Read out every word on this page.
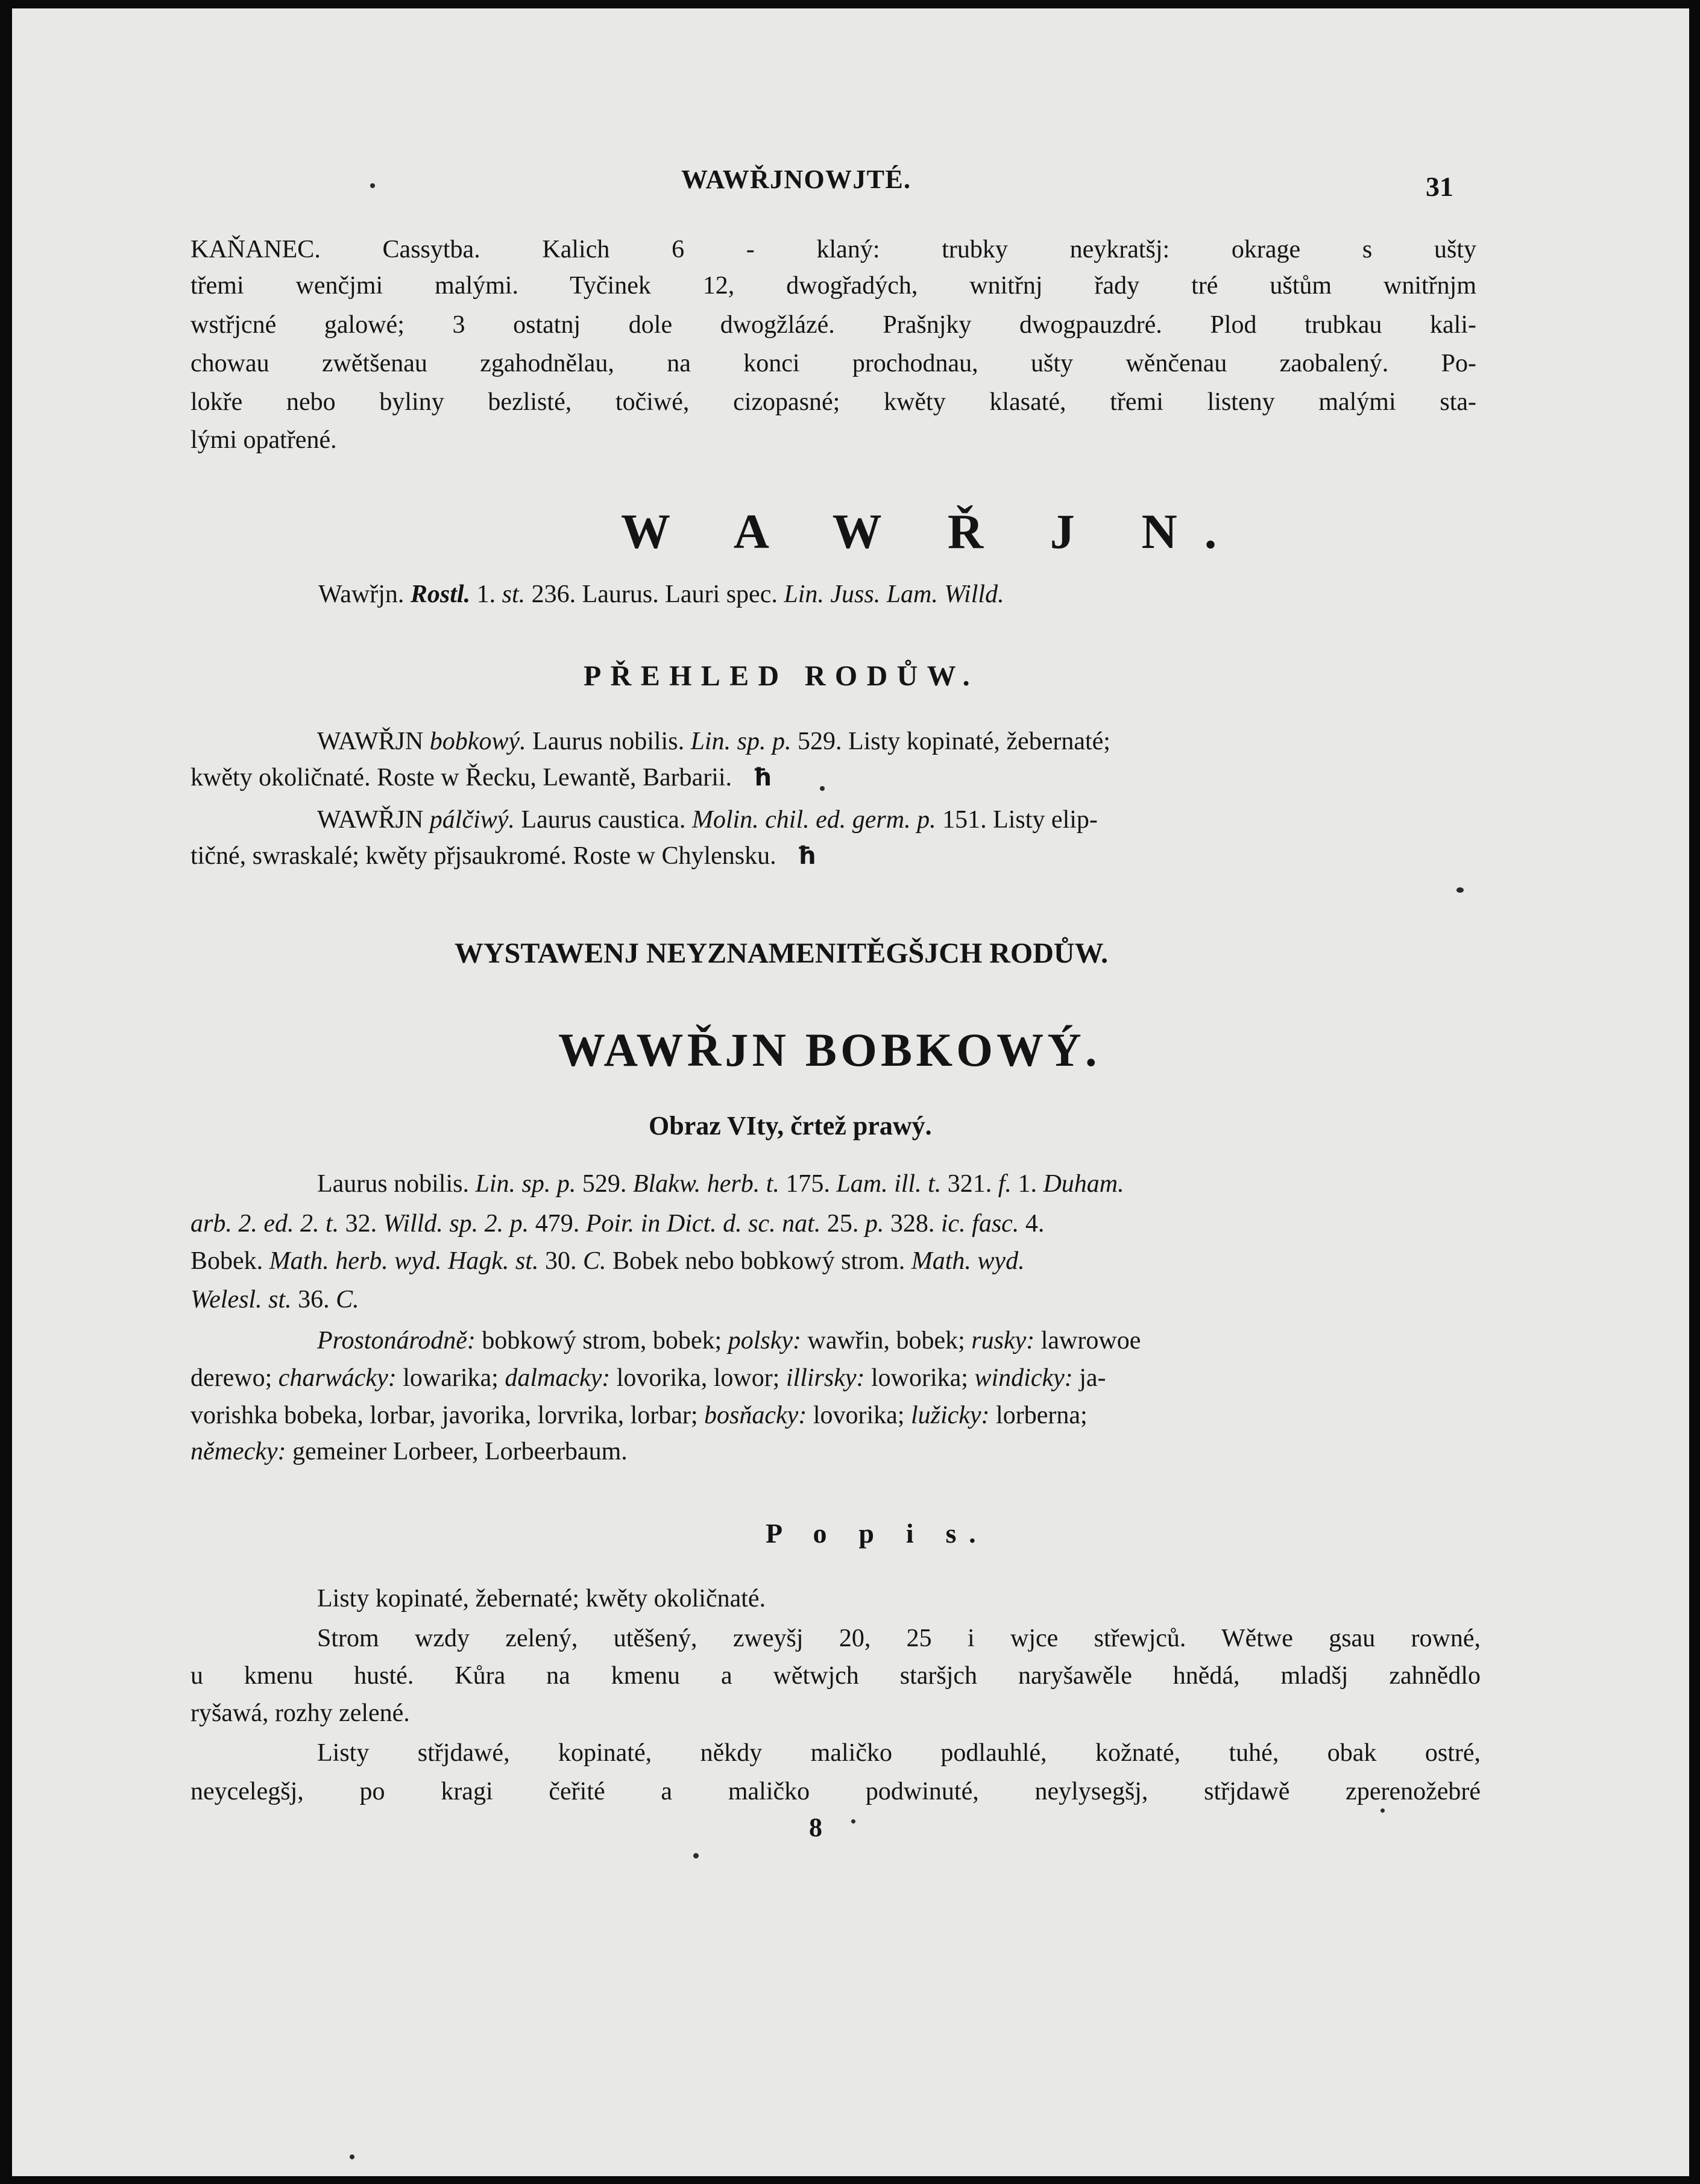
WAWŘJNOWJTÉ.	31
KAŇANEC. Cassytba. Kalich 6 - klaný: trubky neykratšj: okrage s ušty
třemi wenčjmi malými. Tyčinek 12, dwogřadých, wnitřnj řady tré uštům wnitřnjm
wstřjcné galowé; 3 ostatnj dole dwogžlázé. Prašnjky dwogpauzdré. Plod trubkau kali-
chowau zwětšenau zgahodnělau, na konci prochodnau, ušty wěnčenau zaobalený. Po-
lokře nebo byliny bezlisté, točiwé, cizopasné; kwěty klasaté, třemi listeny malými sta-
lými opatřené.
W A W Ř J N.
Wawřjn. Rostl. 1. st. 236. Laurus. Lauri spec. Lin. Juss. Lam. Willd.
PŘEHLED RODŮW.
WAWŘJN bobkowý. Laurus nobilis. Lin. sp. p. 529. Listy kopinaté, žebernaté;
kwěty okoličnaté. Roste w Řecku, Lewantě, Barbarii. ħ
WAWŘJN pálčiwý. Laurus caustica. Molin. chil. ed. germ. p. 151. Listy elip-
tičné, swraskalé; kwěty přjsaukromé. Roste w Chylensku. ħ
WYSTAWENJ NEYZNAMENITĚGŠJCH RODŮW.
WAWŘJN BOBKOWÝ.
Obraz VIty, črtež prawý.
Laurus nobilis. Lin. sp. p. 529. Blakw. herb. t. 175. Lam. ill. t. 321. f. 1. Duham.
arb. 2. ed. 2. t. 32. Willd. sp. 2. p. 479. Poir. in Dict. d. sc. nat. 25. p. 328. ic. fasc. 4.
Bobek. Math. herb. wyd. Hagk. st. 30. C. Bobek nebo bobkowý strom. Math. wyd.
Welesl. st. 36. C.
Prostonárodně: bobkowý strom, bobek; polsky: wawřin, bobek; rusky: lawrowoe
derewo; charwácky: lowarika; dalmacky: lovorika, lowor; illirsky: loworika; windicky: ja-
vorishka bobeka, lorbar, javorika, lorvrika, lorbar; bosňacky: lovorika; lužicky: lorberna;
německy: gemeiner Lorbeer, Lorbeerbaum.
P o p i s.
Listy kopinaté, žebernaté; kwěty okoličnaté.
Strom wzdy zelený, utěšený, zweyšj 20, 25 i wjce střewjců. Wětwe gsau rowné,
u kmenu husté. Kůra na kmenu a wětwjch staršjch naryšawěle hnědá, mladšj zahnědlo
ryšawá, rozhy zelené.
Listy střjdawé, kopinaté, někdy maličko podlauhlé, kožnaté, tuhé, obak ostré,
neycelegšj, po kragi čeřité a maličko podwinuté, neylysegšj, střjdawě zperenožebré
8
